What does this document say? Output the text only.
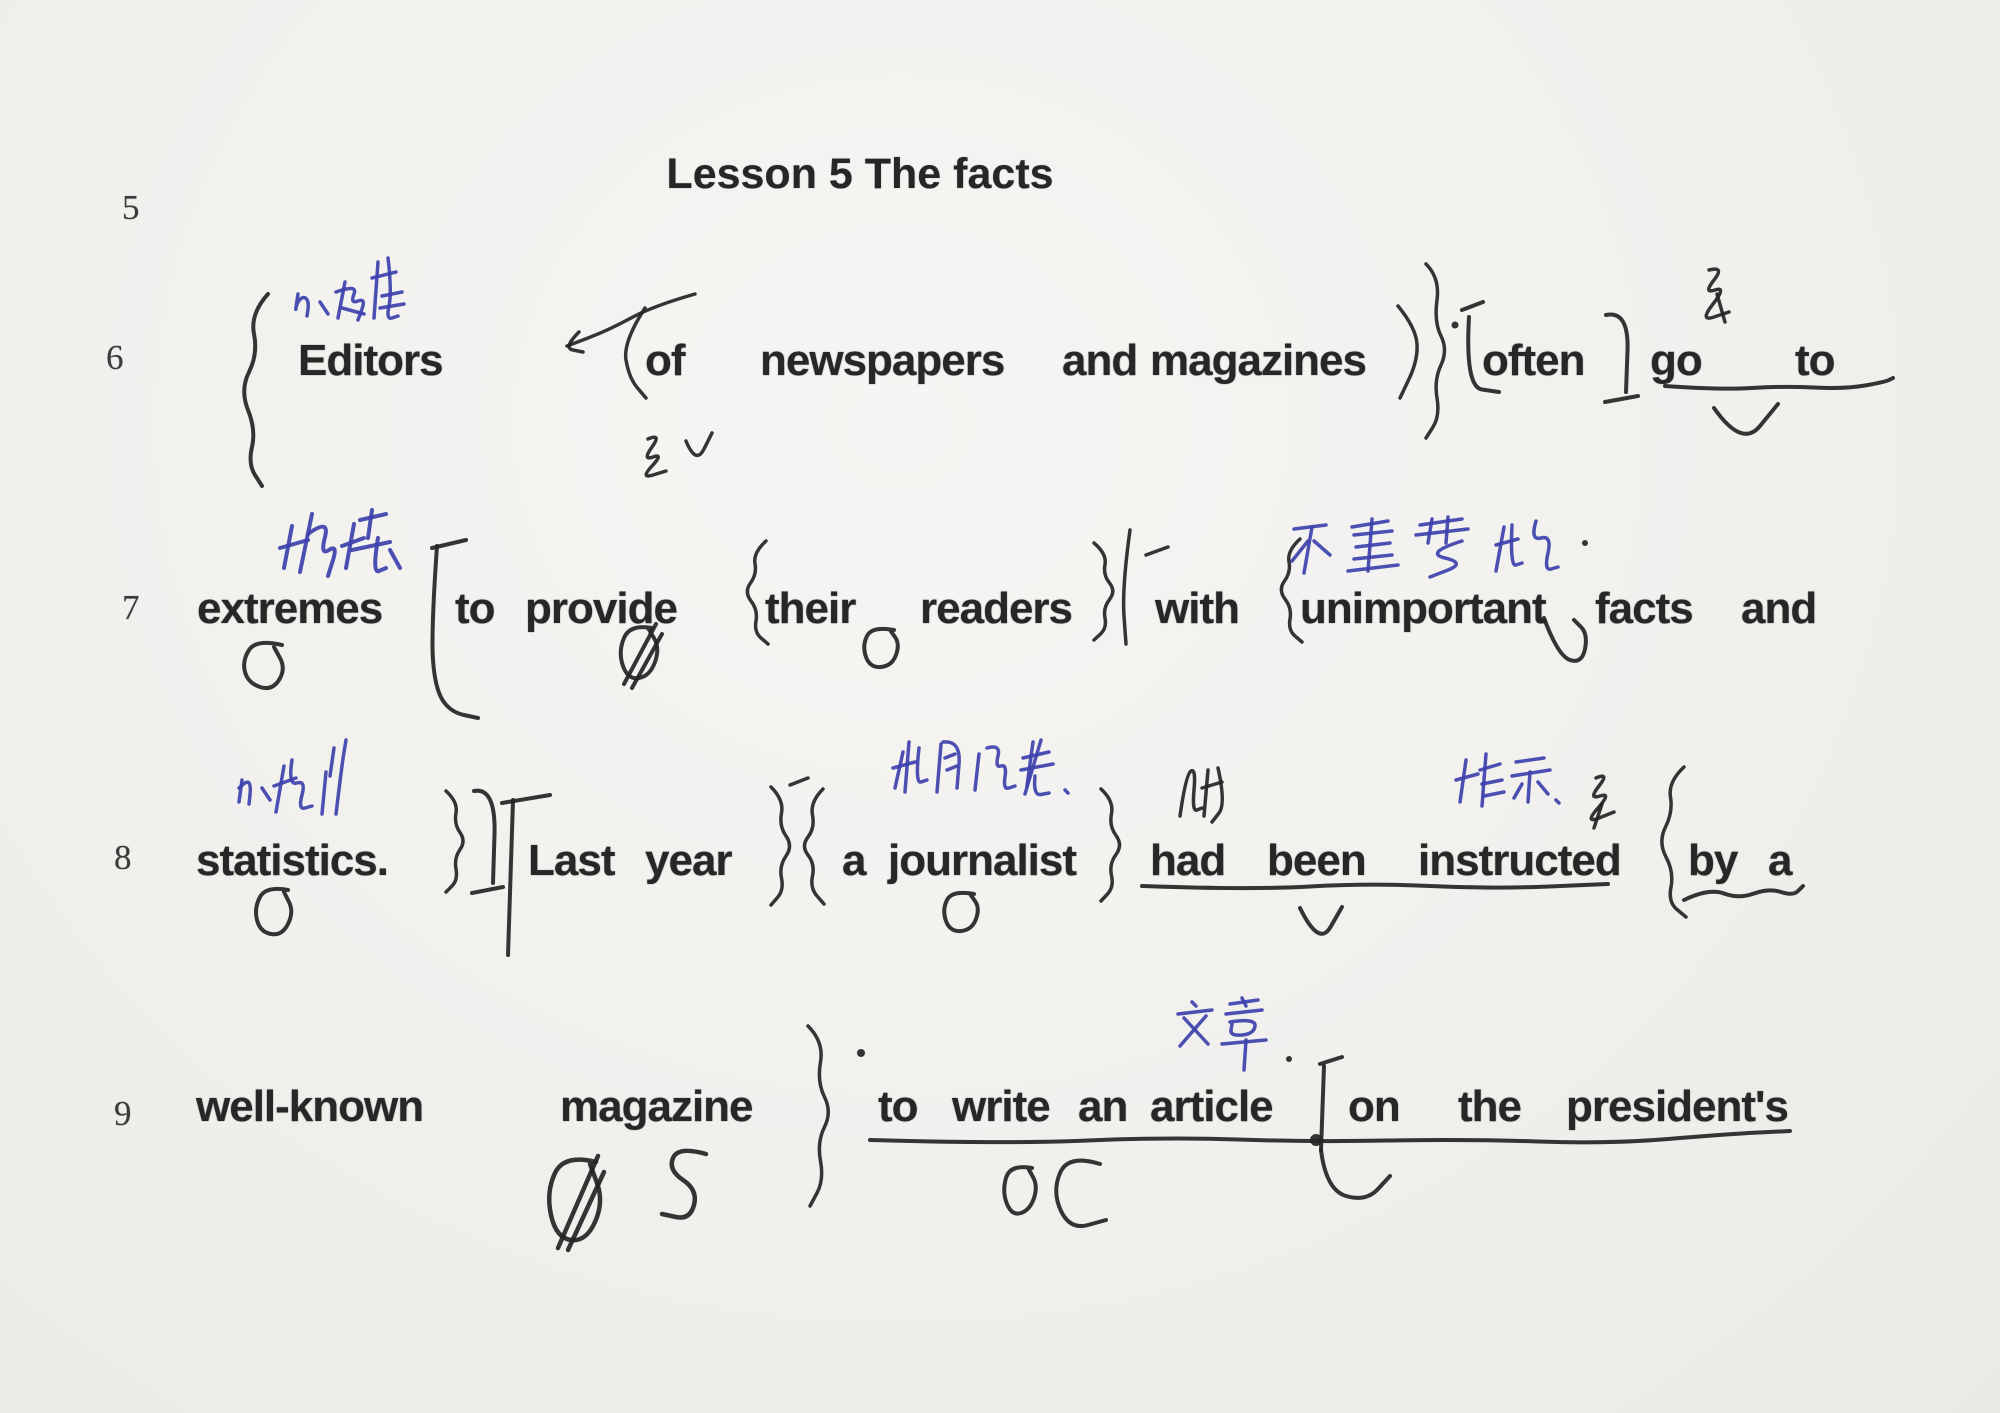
Lesson 5 The facts
5
6
7
8
9
Editors	of newspapers and magazines	often go to
extremes to provide their readers with unimportant facts and
statistics.	Last year	a journalist had been instructed by a
well-known	magazine	to write an article on the president's
